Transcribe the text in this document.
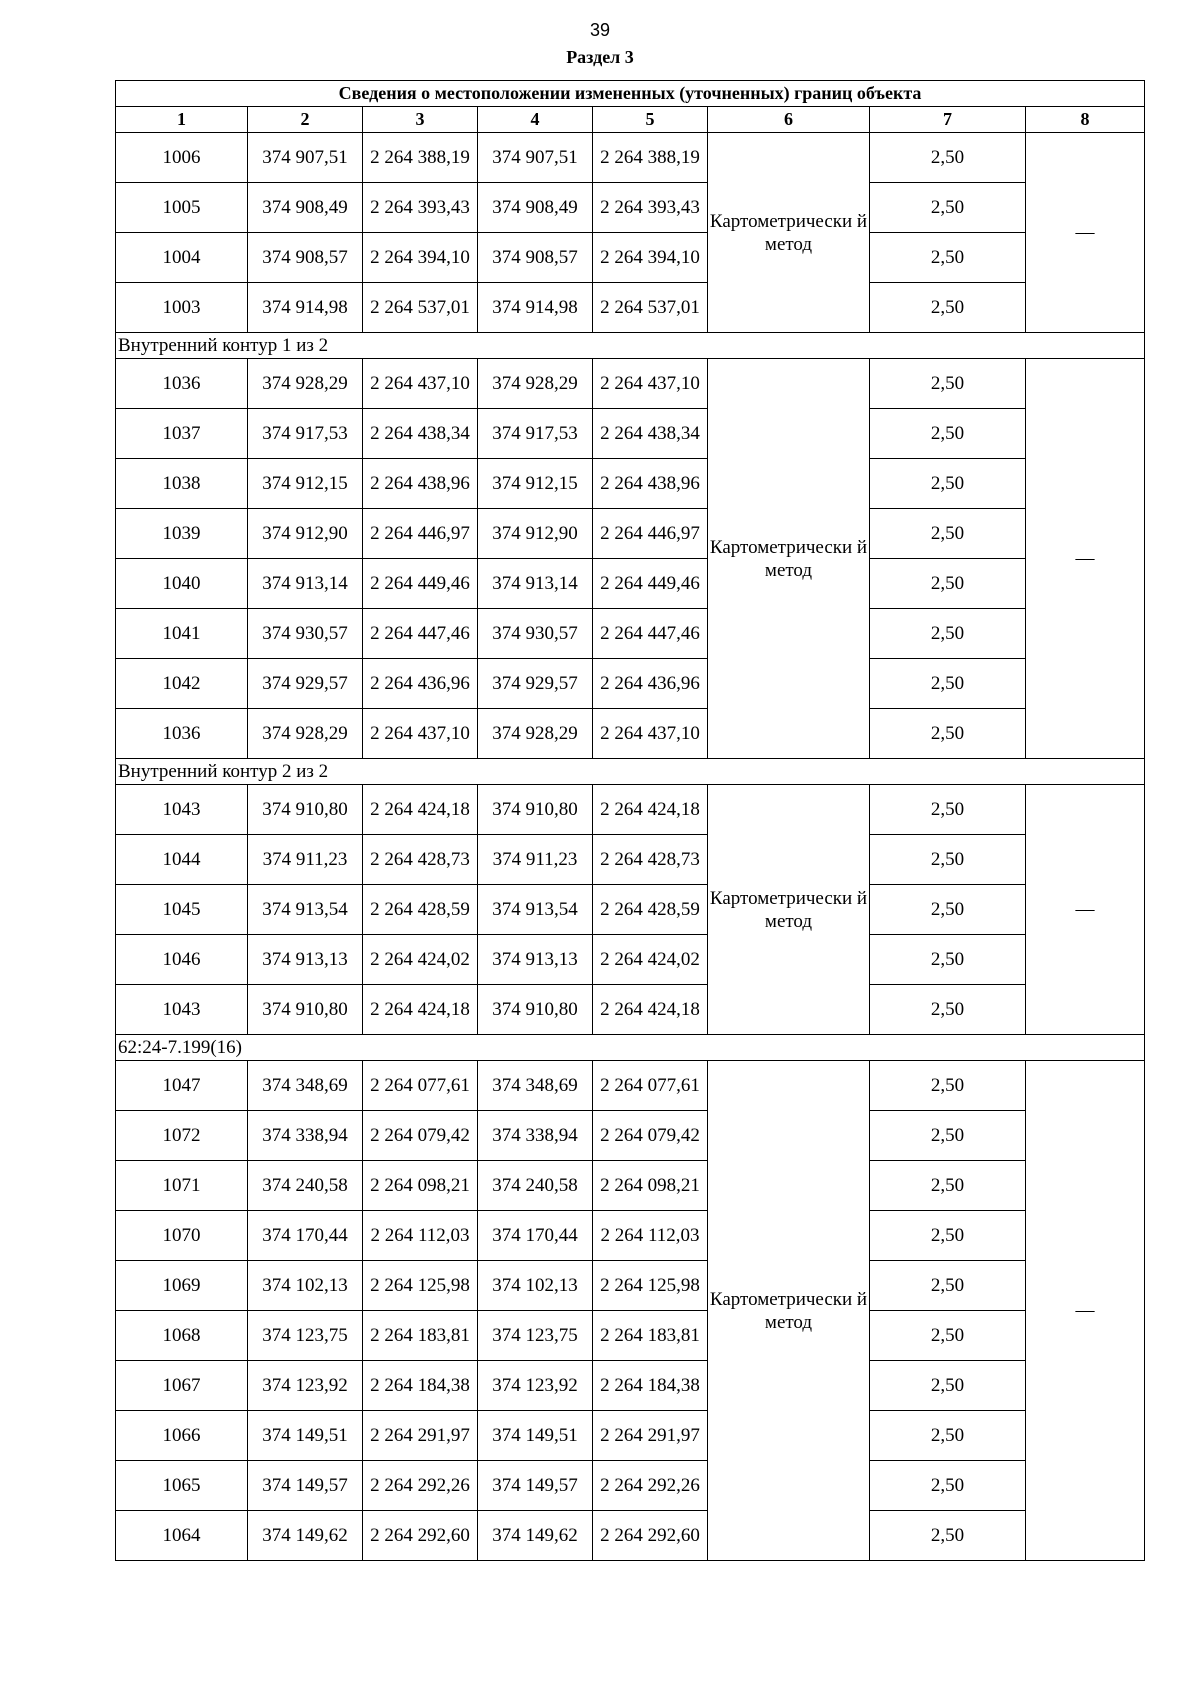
39
Раздел 3
Сведения о местоположении измененных (уточненных) границ объекта							
1	2	3	4	5	6	7	8
1006	374 907,51	2 264 388,19	374 907,51	2 264 388,19	Картометрически й метод	2,50	—
1005	374 908,49	2 264 393,43	374 908,49	2 264 393,43		2,50	
1004	374 908,57	2 264 394,10	374 908,57	2 264 394,10		2,50	
1003	374 914,98	2 264 537,01	374 914,98	2 264 537,01		2,50	
Внутренний контур 1 из 2							
1036	374 928,29	2 264 437,10	374 928,29	2 264 437,10	Картометрически й метод	2,50	—
1037	374 917,53	2 264 438,34	374 917,53	2 264 438,34		2,50	
1038	374 912,15	2 264 438,96	374 912,15	2 264 438,96		2,50	
1039	374 912,90	2 264 446,97	374 912,90	2 264 446,97		2,50	
1040	374 913,14	2 264 449,46	374 913,14	2 264 449,46		2,50	
1041	374 930,57	2 264 447,46	374 930,57	2 264 447,46		2,50	
1042	374 929,57	2 264 436,96	374 929,57	2 264 436,96		2,50	
1036	374 928,29	2 264 437,10	374 928,29	2 264 437,10		2,50	
Внутренний контур 2 из 2							
1043	374 910,80	2 264 424,18	374 910,80	2 264 424,18	Картометрически й метод	2,50	—
1044	374 911,23	2 264 428,73	374 911,23	2 264 428,73		2,50	
1045	374 913,54	2 264 428,59	374 913,54	2 264 428,59		2,50	
1046	374 913,13	2 264 424,02	374 913,13	2 264 424,02		2,50	
1043	374 910,80	2 264 424,18	374 910,80	2 264 424,18		2,50	
62:24-7.199(16)							
1047	374 348,69	2 264 077,61	374 348,69	2 264 077,61	Картометрически й метод	2,50	—
1072	374 338,94	2 264 079,42	374 338,94	2 264 079,42		2,50	
1071	374 240,58	2 264 098,21	374 240,58	2 264 098,21		2,50	
1070	374 170,44	2 264 112,03	374 170,44	2 264 112,03		2,50	
1069	374 102,13	2 264 125,98	374 102,13	2 264 125,98		2,50	
1068	374 123,75	2 264 183,81	374 123,75	2 264 183,81		2,50	
1067	374 123,92	2 264 184,38	374 123,92	2 264 184,38		2,50	
1066	374 149,51	2 264 291,97	374 149,51	2 264 291,97		2,50	
1065	374 149,57	2 264 292,26	374 149,57	2 264 292,26		2,50	
1064	374 149,62	2 264 292,60	374 149,62	2 264 292,60		2,50	
